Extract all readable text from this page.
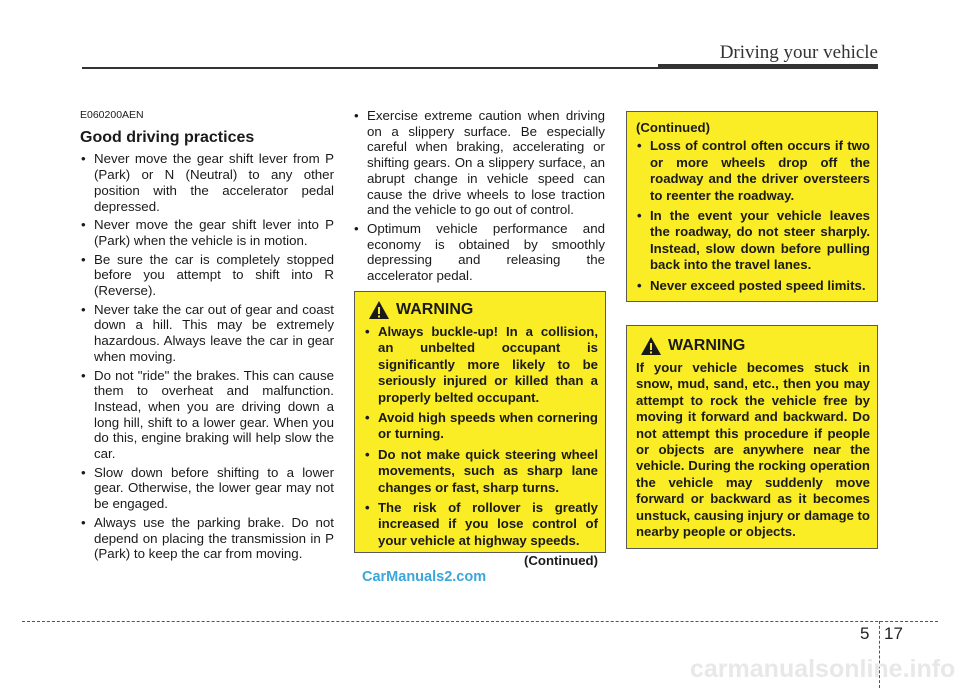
Driving your vehicle
E060200AEN
Good driving practices
• Never move the gear shift lever from P (Park) or N (Neutral) to any other position with the accelerator pedal depressed.
• Never move the gear shift lever into P (Park) when the vehicle is in motion.
• Be sure the car is completely stopped before you attempt to shift into R (Reverse).
• Never take the car out of gear and coast down a hill. This may be extremely hazardous. Always leave the car in gear when moving.
• Do not "ride" the brakes. This can cause them to overheat and malfunction. Instead, when you are driving down a long hill, shift to a lower gear. When you do this, engine braking will help slow the car.
• Slow down before shifting to a lower gear. Otherwise, the lower gear may not be engaged.
• Always use the parking brake. Do not depend on placing the transmission in P (Park) to keep the car from moving.
• Exercise extreme caution when driving on a slippery surface. Be especially careful when braking, accelerating or shifting gears. On a slippery surface, an abrupt change in vehicle speed can cause the drive wheels to lose traction and the vehicle to go out of control.
• Optimum vehicle performance and economy is obtained by smoothly depressing and releasing the accelerator pedal.
WARNING
• Always buckle-up! In a collision, an unbelted occupant is significantly more likely to be seriously injured or killed than a properly belted occupant.
• Avoid high speeds when cornering or turning.
• Do not make quick steering wheel movements, such as sharp lane changes or fast, sharp turns.
• The risk of rollover is greatly increased if you lose control of your vehicle at highway speeds.
(Continued)
(Continued)
• Loss of control often occurs if two or more wheels drop off the roadway and the driver oversteers to reenter the roadway.
• In the event your vehicle leaves the roadway, do not steer sharply. Instead, slow down before pulling back into the travel lanes.
• Never exceed posted speed limits.
WARNING
If your vehicle becomes stuck in snow, mud, sand, etc., then you may attempt to rock the vehicle free by moving it forward and backward. Do not attempt this procedure if people or objects are anywhere near the vehicle. During the rocking operation the vehicle may suddenly move forward or backward as it becomes unstuck, causing injury or damage to nearby people or objects.
CarManuals2.com
5 17
carmanualsonline.info
